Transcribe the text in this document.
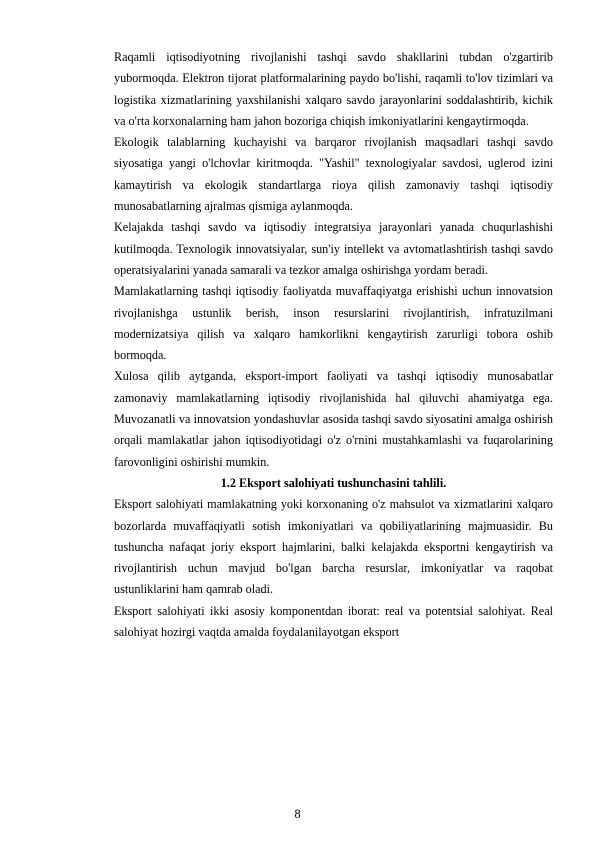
Raqamli iqtisodiyotning rivojlanishi tashqi savdo shakllarini tubdan o'zgartirib yubormoqda. Elektron tijorat platformalarining paydo bo'lishi, raqamli to'lov tizimlari va logistika xizmatlarining yaxshilanishi xalqaro savdo jarayonlarini soddalashtirib, kichik va o'rta korxonalarning ham jahon bozoriga chiqish imkoniyatlarini kengaytirmoqda.

Ekologik talablarning kuchayishi va barqaror rivojlanish maqsadlari tashqi savdo siyosatiga yangi o'lchovlar kiritmoqda. "Yashil" texnologiyalar savdosi, uglerod izini kamaytirish va ekologik standartlarga rioya qilish zamonaviy tashqi iqtisodiy munosabatlarning ajralmas qismiga aylanmoqda.

Kelajakda tashqi savdo va iqtisodiy integratsiya jarayonlari yanada chuqurlashishi kutilmoqda. Texnologik innovatsiyalar, sun'iy intellekt va avtomatlashtirish tashqi savdo operatsiyalarini yanada samarali va tezkor amalga oshirishga yordam beradi.

Mamlakatlarning tashqi iqtisodiy faoliyatda muvaffaqiyatga erishishi uchun innovatsion rivojlanishga ustunlik berish, inson resurslarini rivojlantirish, infratuzilmani modernizatsiya qilish va xalqaro hamkorlikni kengaytirish zarurligi tobora oshib bormoqda.

Xulosa qilib aytganda, eksport-import faoliyati va tashqi iqtisodiy munosabatlar zamonaviy mamlakatlarning iqtisodiy rivojlanishida hal qiluvchi ahamiyatga ega. Muvozanatli va innovatsion yondashuvlar asosida tashqi savdo siyosatini amalga oshirish orqali mamlakatlar jahon iqtisodiyotidagi o'z o'rnini mustahkamlashi va fuqarolarining farovonligini oshirishi mumkin.

1.2 Eksport salohiyati tushunchasini tahlili.

Eksport salohiyati mamlakatning yoki korxonaning o'z mahsulot va xizmatlarini xalqaro bozorlarda muvaffaqiyatli sotish imkoniyatlari va qobiliyatlarining majmuasidir. Bu tushuncha nafaqat joriy eksport hajmlarini, balki kelajakda eksportni kengaytirish va rivojlantirish uchun mavjud bo'lgan barcha resurslar, imkoniyatlar va raqobat ustunliklarini ham qamrab oladi.

Eksport salohiyati ikki asosiy komponentdan iborat: real va potentsial salohiyat. Real salohiyat hozirgi vaqtda amalda foydalanilayotgan eksport

8
